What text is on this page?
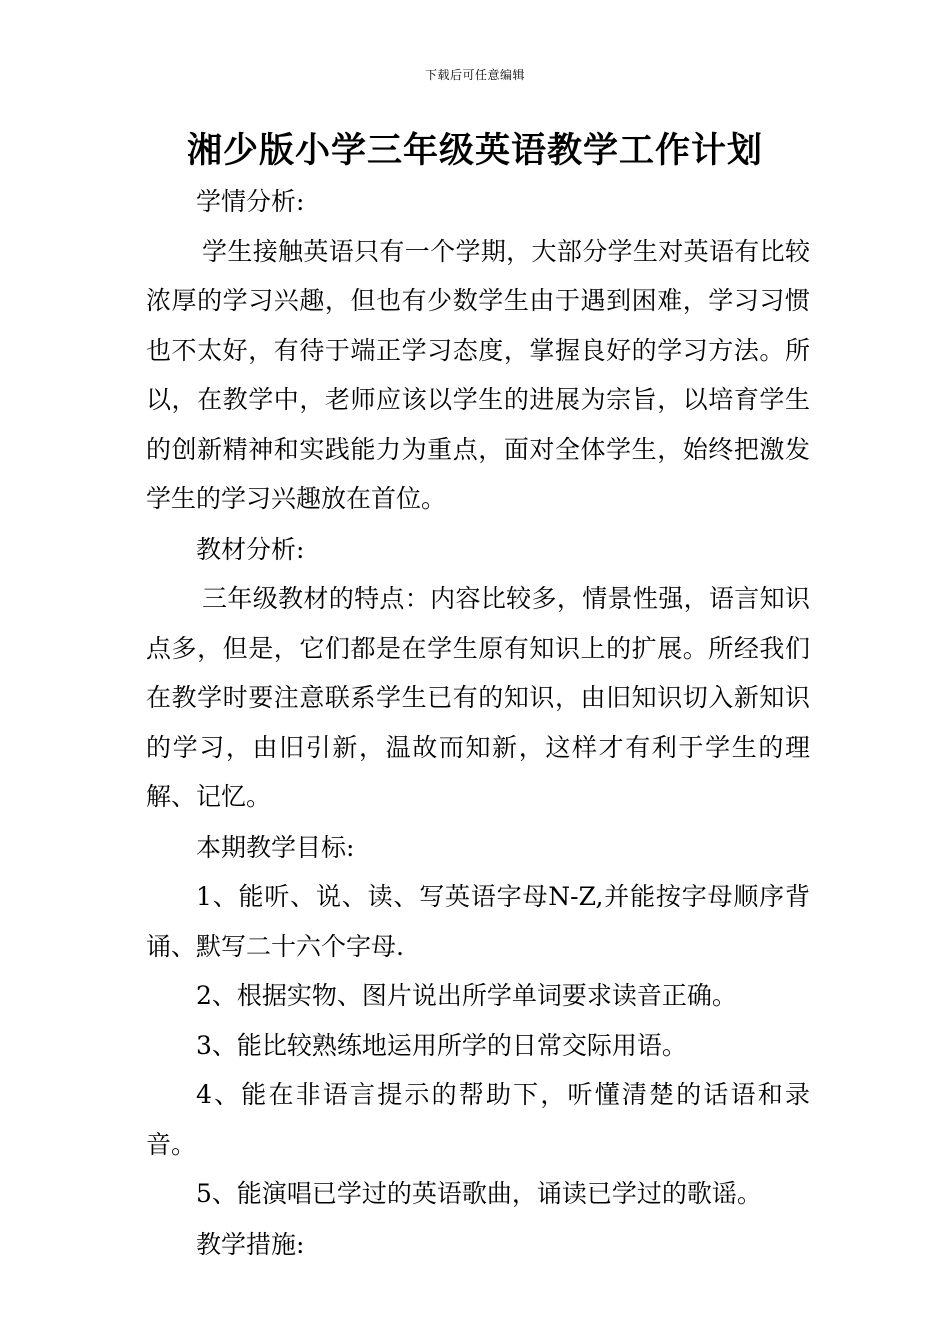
下载后可任意编辑
湘少版小学三年级英语教学工作计划

学情分析:

学生接触英语只有一个学期，大部分学生对英语有比较浓厚的学习兴趣，但也有少数学生由于遇到困难，学习习惯也不太好，有待于端正学习态度，掌握良好的学习方法。所以，在教学中，老师应该以学生的进展为宗旨，以培育学生的创新精神和实践能力为重点，面对全体学生，始终把激发学生的学习兴趣放在首位。

教材分析:

三年级教材的特点：内容比较多，情景性强，语言知识点多，但是，它们都是在学生原有知识上的扩展。所经我们在教学时要注意联系学生已有的知识，由旧知识切入新知识的学习，由旧引新，温故而知新，这样才有利于学生的理解、记忆。

本期教学目标:

1、能听、说、读、写英语字母N-Z,并能按字母顺序背诵、默写二十六个字母.

2、根据实物、图片说出所学单词要求读音正确。

3、能比较熟练地运用所学的日常交际用语。

4、能在非语言提示的帮助下，听懂清楚的话语和录音。

5、能演唱已学过的英语歌曲，诵读已学过的歌谣。

教学措施:
